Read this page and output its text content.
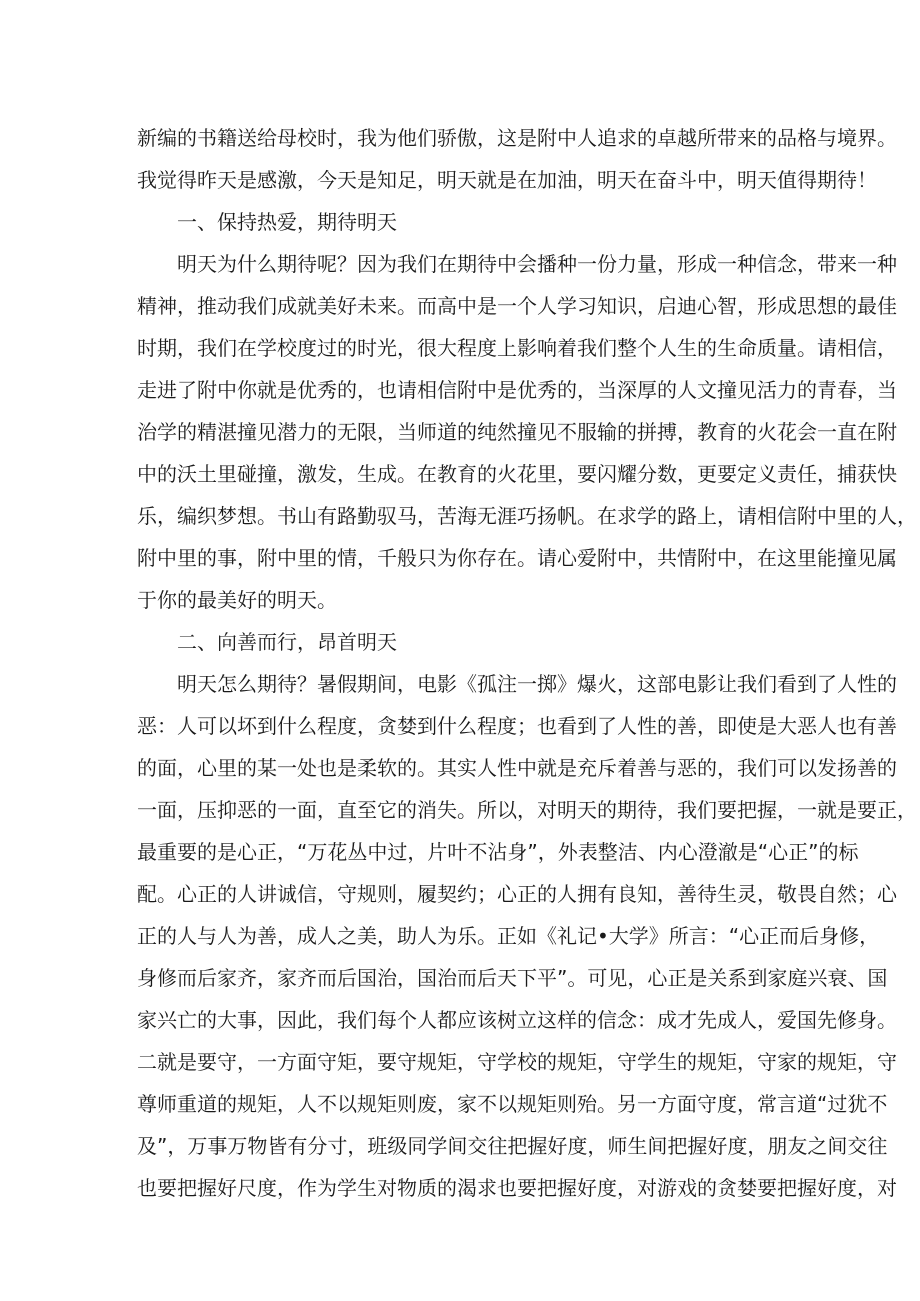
新编的书籍送给母校时，我为他们骄傲，这是附中人追求的卓越所带来的品格与境界。
我觉得昨天是感激，今天是知足，明天就是在加油，明天在奋斗中，明天值得期待！
一、保持热爱，期待明天
明天为什么期待呢？因为我们在期待中会播种一份力量，形成一种信念，带来一种
精神，推动我们成就美好未来。而高中是一个人学习知识，启迪心智，形成思想的最佳
时期，我们在学校度过的时光，很大程度上影响着我们整个人生的生命质量。请相信，
走进了附中你就是优秀的，也请相信附中是优秀的，当深厚的人文撞见活力的青春，当
治学的精湛撞见潜力的无限，当师道的纯然撞见不服输的拼搏，教育的火花会一直在附
中的沃土里碰撞，激发，生成。在教育的火花里，要闪耀分数，更要定义责任，捕获快
乐，编织梦想。书山有路勤驭马，苦海无涯巧扬帆。在求学的路上，请相信附中里的人，
附中里的事，附中里的情，千般只为你存在。请心爱附中，共情附中，在这里能撞见属
于你的最美好的明天。
二、向善而行，昂首明天
明天怎么期待？暑假期间，电影《孤注一掷》爆火，这部电影让我们看到了人性的
恶：人可以坏到什么程度，贪婪到什么程度；也看到了人性的善，即使是大恶人也有善
的面，心里的某一处也是柔软的。其实人性中就是充斥着善与恶的，我们可以发扬善的
一面，压抑恶的一面，直至它的消失。所以，对明天的期待，我们要把握，一就是要正，
最重要的是心正，“万花丛中过，片叶不沾身”，外表整洁、内心澄澈是“心正”的标
配。心正的人讲诚信，守规则，履契约；心正的人拥有良知，善待生灵，敬畏自然；心
正的人与人为善，成人之美，助人为乐。正如《礼记•大学》所言：“心正而后身修，
身修而后家齐，家齐而后国治，国治而后天下平”。可见，心正是关系到家庭兴衰、国
家兴亡的大事，因此，我们每个人都应该树立这样的信念：成才先成人，爱国先修身。
二就是要守，一方面守矩，要守规矩，守学校的规矩，守学生的规矩，守家的规矩，守
尊师重道的规矩，人不以规矩则废，家不以规矩则殆。另一方面守度，常言道“过犹不
及”，万事万物皆有分寸，班级同学间交往把握好度，师生间把握好度，朋友之间交往
也要把握好尺度，作为学生对物质的渴求也要把握好度，对游戏的贪婪要把握好度，对
